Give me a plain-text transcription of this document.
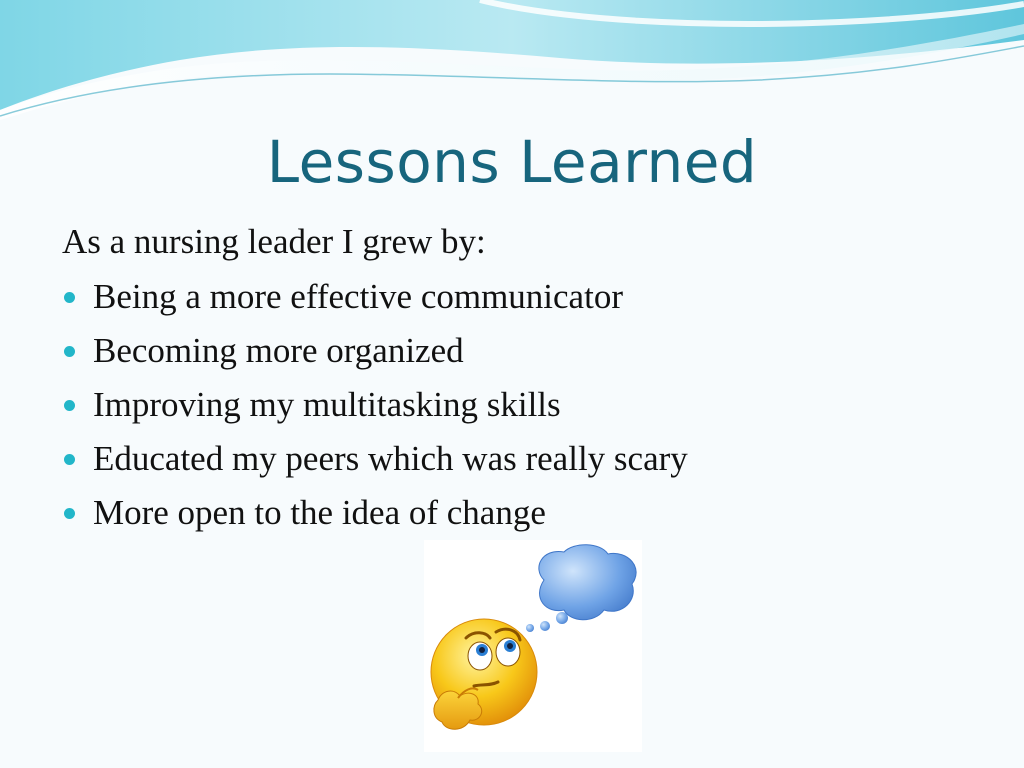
Lessons Learned
As a nursing leader I grew by:
Being a more effective communicator
Becoming more organized
Improving my multitasking skills
Educated my peers which was really scary
More open to the idea of change
